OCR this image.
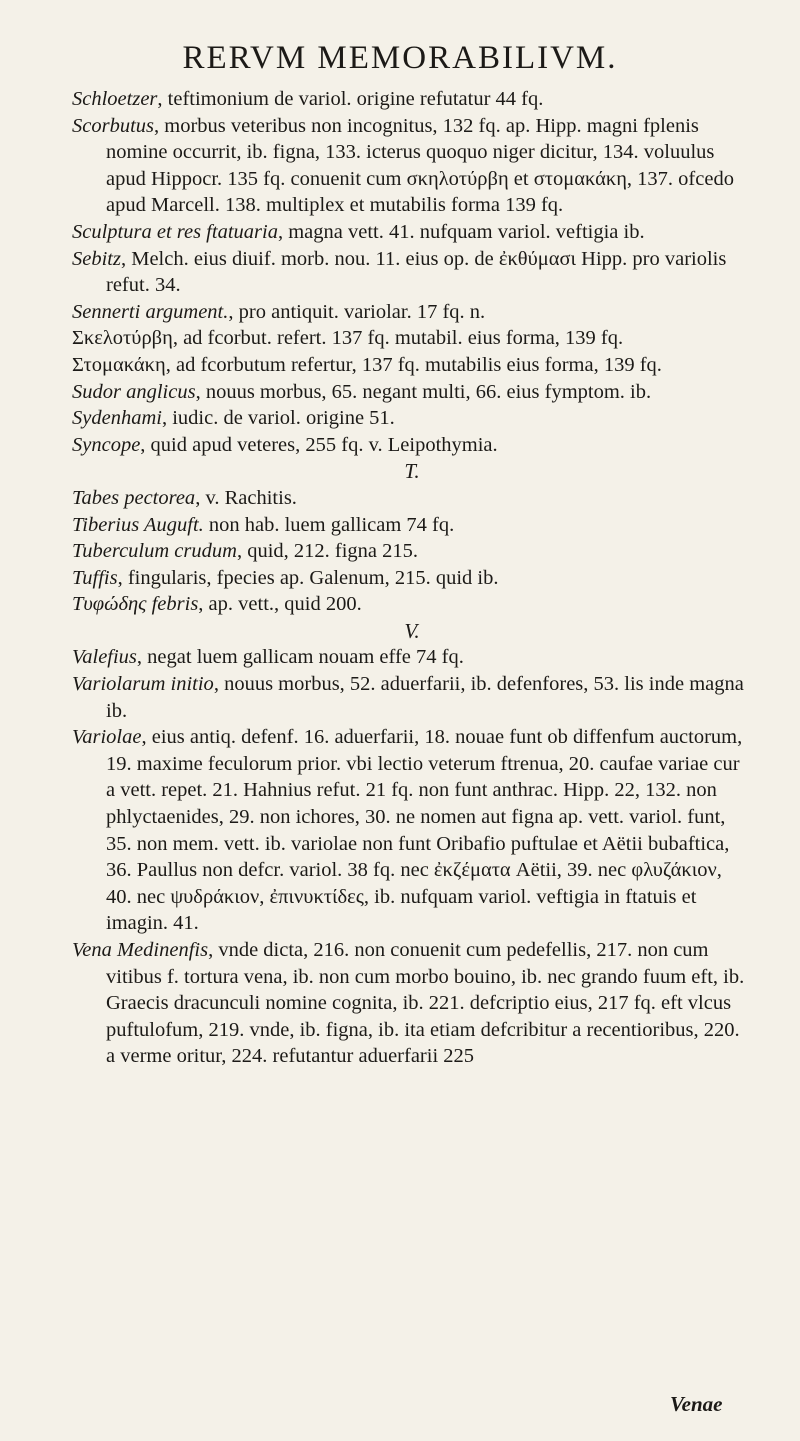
RERVM MEMORABILIVM.

Schloetzer, teftimonium de variol. origine refutatur 44 fq.

Scorbutus, morbus veteribus non incognitus, 132 fq. ap. Hipp. magni fplenis nomine occurrit, ib. figna, 133. icterus quoquo niger dicitur, 134. voluulus apud Hippocr. 135 fq. conuenit cum σκηλοτύρβη et στομακάκη, 137. ofcedo apud Marcell. 138. multiplex et mutabilis forma 139 fq.

Sculptura et res ftatuaria, magna vett. 41. nufquam variol. veftigia ib.

Sebitz, Melch. eius diuif. morb. nou. 11. eius op. de ἐκθύμασι Hipp. pro variolis refut. 34.

Sennerti argument., pro antiquit. variolar. 17 fq. n.

Σκελοτύρβη, ad fcorbut. refert. 137 fq. mutabil. eius forma, 139 fq.

Στομακάκη, ad fcorbutum refertur, 137 fq. mutabilis eius forma, 139 fq.

Sudor anglicus, nouus morbus, 65. negant multi, 66. eius fymptom. ib.

Sydenhami, iudic. de variol. origine 51.

Syncope, quid apud veteres, 255 fq. v. Leipothymia.

T.

Tabes pectorea, v. Rachitis.

Tiberius Auguft. non hab. luem gallicam 74 fq.

Tuberculum crudum, quid, 212. figna 215.

Tuffis, fingularis, fpecies ap. Galenum, 215. quid ib.

Τυφώδης febris, ap. vett., quid 200.

V.

Valefius, negat luem gallicam nouam effe 74 fq.

Variolarum initio, nouus morbus, 52. aduerfarii, ib. defenfores, 53. lis inde magna ib.

Variolae, eius antiq. defenf. 16. aduerfarii, 18. nouae funt ob diffenfum auctorum, 19. maxime feculorum prior. vbi lectio veterum ftrenua, 20. caufae variae cur a vett. repet. 21. Hahnius refut. 21 fq. non funt anthrac. Hipp. 22, 132. non phlyctaenides, 29. non ichores, 30. ne nomen aut figna ap. vett. variol. funt, 35. non mem. vett. ib. variolae non funt Oribafio puftulae et Aëtii bubaftica, 36. Paullus non defcr. variol. 38 fq. nec ἐκζέματα Aëtii, 39. nec φλυζάκιον, 40. nec ψυδράκιον, ἐπινυκτίδες, ib. nufquam variol. veftigia in ftatuis et imagin. 41.

Vena Medinenfis, vnde dicta, 216. non conuenit cum pedefellis, 217. non cum vitibus f. tortura vena, ib. non cum morbo bouino, ib. nec grando fuum eft, ib. Graecis dracunculi nomine cognita, ib. 221. defcriptio eius, 217 fq. eft vlcus puftulofum, 219. vnde, ib. figna, ib. ita etiam defcribitur a recentioribus, 220. a verme oritur, 224. refutantur aduerfarii 225

Venae
